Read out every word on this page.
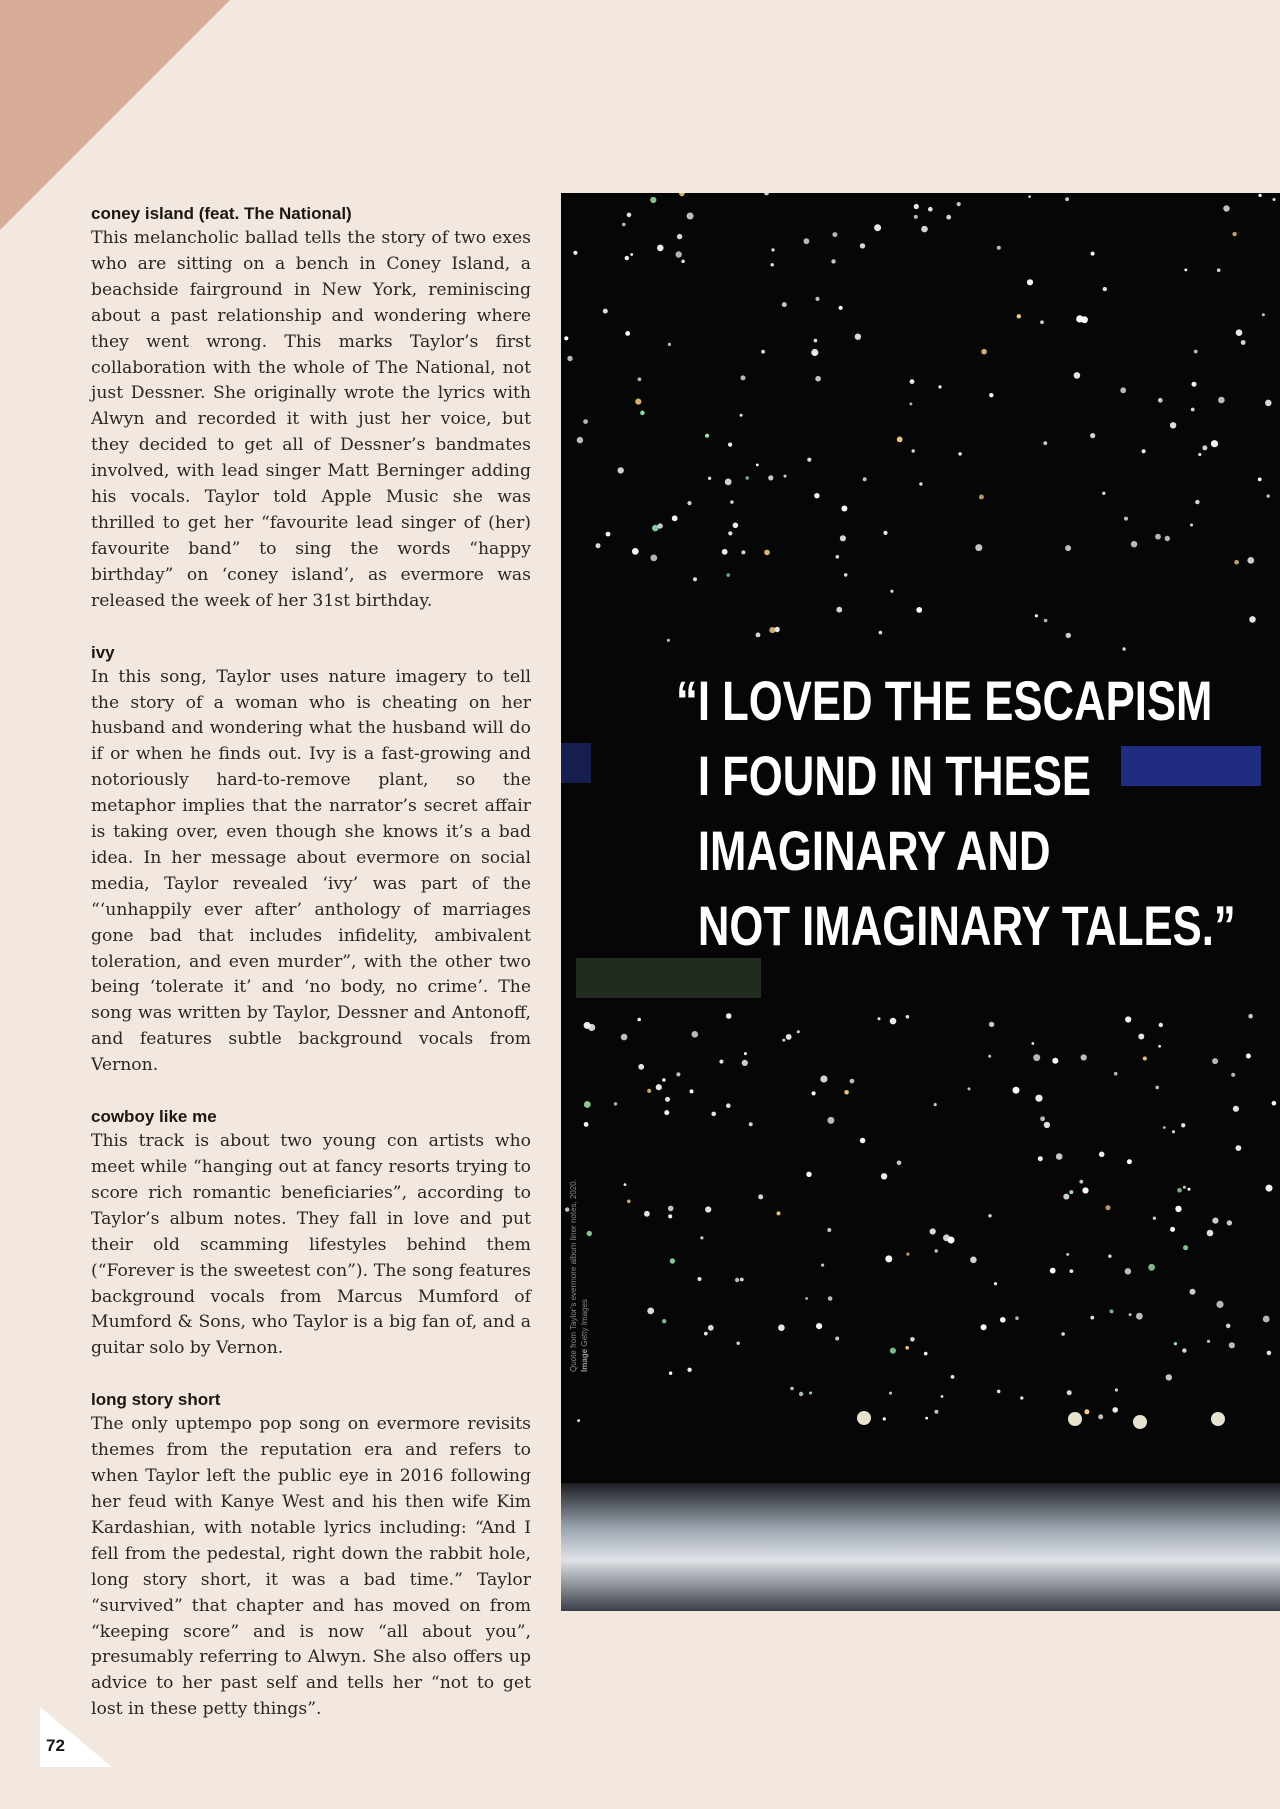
coney island (feat. The National)

This melancholic ballad tells the story of two exes who are sitting on a bench in Coney Island, a beachside fairground in New York, reminiscing about a past relationship and wondering where they went wrong. This marks Taylor’s first collaboration with the whole of The National, not just Dessner. She originally wrote the lyrics with Alwyn and recorded it with just her voice, but they decided to get all of Dessner’s bandmates involved, with lead singer Matt Berninger adding his vocals. Taylor told Apple Music she was thrilled to get her “favourite lead singer of (her) favourite band” to sing the words “happy birthday” on ‘coney island’, as evermore was released the week of her 31st birthday.

ivy

In this song, Taylor uses nature imagery to tell the story of a woman who is cheating on her husband and wondering what the husband will do if or when he finds out. Ivy is a fast-growing and notoriously hard-to-remove plant, so the metaphor implies that the narrator’s secret affair is taking over, even though she knows it’s a bad idea. In her message about evermore on social media, Taylor revealed ‘ivy’ was part of the “‘unhappily ever after’ anthology of marriages gone bad that includes infidelity, ambivalent toleration, and even murder”, with the other two being ‘tolerate it’ and ‘no body, no crime’. The song was written by Taylor, Dessner and Antonoff, and features subtle background vocals from Vernon.

cowboy like me

This track is about two young con artists who meet while “hanging out at fancy resorts trying to score rich romantic beneficiaries”, according to Taylor’s album notes. They fall in love and put their old scamming lifestyles behind them (“Forever is the sweetest con”). The song features background vocals from Marcus Mumford of Mumford & Sons, who Taylor is a big fan of, and a guitar solo by Vernon.

long story short

The only uptempo pop song on evermore revisits themes from the reputation era and refers to when Taylor left the public eye in 2016 following her feud with Kanye West and his then wife Kim Kardashian, with notable lyrics including: “And I fell from the pedestal, right down the rabbit hole, long story short, it was a bad time.” Taylor “survived” that chapter and has moved on from “keeping score” and is now “all about you”, presumably referring to Alwyn. She also offers up advice to her past self and tells her “not to get lost in these petty things”.

“I LOVED THE ESCAPISM
I FOUND IN THESE
IMAGINARY AND
NOT IMAGINARY TALES.”
Quote from Taylor’s evermore album liner notes, 2020. Image Getty Images
72
